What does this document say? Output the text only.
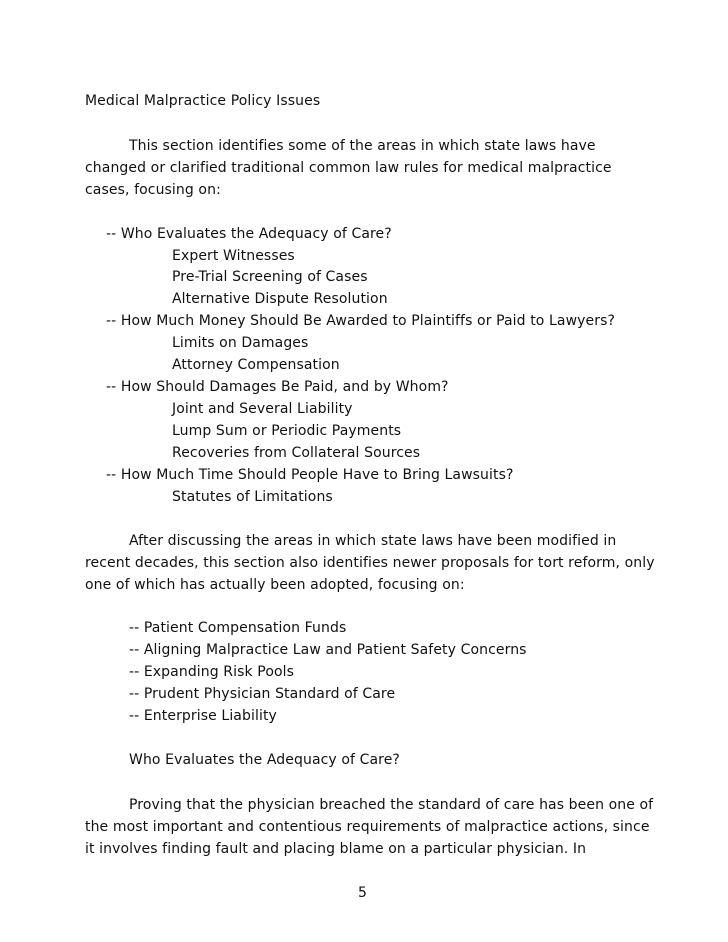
Medical Malpractice Policy Issues
This section identifies some of the areas in which state laws have
changed or clarified traditional common law rules for medical malpractice
cases, focusing on:
-- Who Evaluates the Adequacy of Care?
Expert Witnesses
Pre-Trial Screening of Cases
Alternative Dispute Resolution
-- How Much Money Should Be Awarded to Plaintiffs or Paid to Lawyers?
Limits on Damages
Attorney Compensation
-- How Should Damages Be Paid, and by Whom?
Joint and Several Liability
Lump Sum or Periodic Payments
Recoveries from Collateral Sources
-- How Much Time Should People Have to Bring Lawsuits?
Statutes of Limitations
After discussing the areas in which state laws have been modified in
recent decades, this section also identifies newer proposals for tort reform, only
one of which has actually been adopted, focusing on:
-- Patient Compensation Funds
-- Aligning Malpractice Law and Patient Safety Concerns
-- Expanding Risk Pools
-- Prudent Physician Standard of Care
-- Enterprise Liability
Who Evaluates the Adequacy of Care?
Proving that the physician breached the standard of care has been one of
the most important and contentious requirements of malpractice actions, since
it involves finding fault and placing blame on a particular physician. In
5
